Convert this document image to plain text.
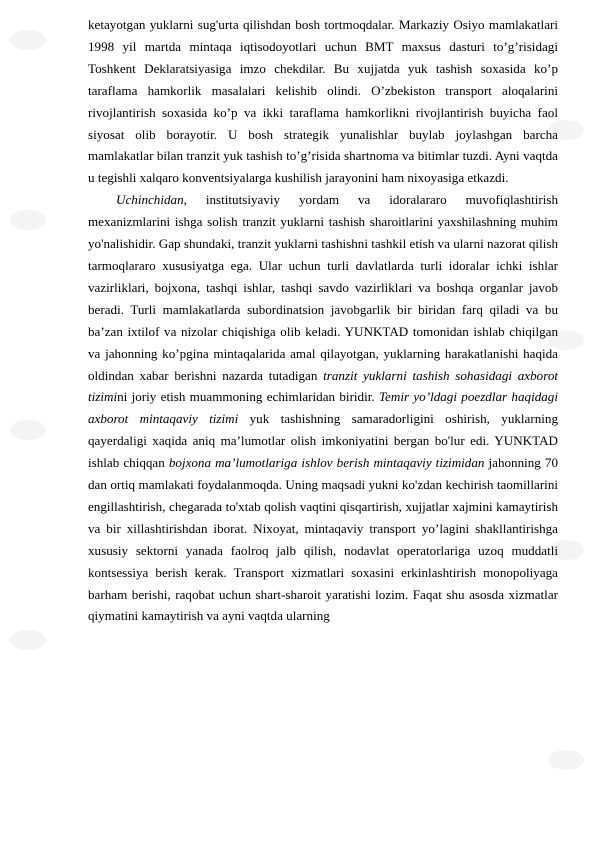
ketayotgan yuklarni sug'urta qilishdan bosh tortmoqdalar. Markaziy Osiyo mamlakatlari 1998 yil martda mintaqa iqtisodoyotlari uchun BMT maxsus dasturi to’g’risidagi Toshkent Deklaratsiyasiga imzo chekdilar. Bu xujjatda yuk tashish soxasida ko’p taraflama hamkorlik masalalari kelishib olindi. O’zbekiston transport aloqalarini rivojlantirish soxasida ko’p va ikki taraflama hamkorlikni rivojlantirish buyicha faol siyosat olib borayotir. U bosh strategik yunalishlar buylab joylashgan barcha mamlakatlar bilan tranzit yuk tashish to’g’risida shartnoma va bitimlar tuzdi. Ayni vaqtda u tegishli xalqaro konventsiyalarga kushilish jarayonini ham nixoyasiga etkazdi.

Uchinchidan, institutsiyaviy yordam va idoralararo muvofiqlashtirish mexanizmlarini ishga solish tranzit yuklarni tashish sharoitlarini yaxshilashning muhim yo'nalishidir. Gap shundaki, tranzit yuklarni tashishni tashkil etish va ularni nazorat qilish tarmoqlararo xususiyatga ega. Ular uchun turli davlatlarda turli idoralar ichki ishlar vazirliklari, bojxona, tashqi ishlar, tashqi savdo vazirliklari va boshqa organlar javob beradi. Turli mamlakatlarda subordinatsion javobgarlik bir biridan farq qiladi va bu ba’zan ixtilof va nizolar chiqishiga olib keladi. YUNKTAD tomonidan ishlab chiqilgan va jahonning ko’pgina mintaqalarida amal qilayotgan, yuklarning harakatlanishi haqida oldindan xabar berishni nazarda tutadigan tranzit yuklarni tashish sohasidagi axborot tizimini joriy etish muammoning echimlaridan biridir. Temir yo’ldagi poezdlar haqidagi axborot mintaqaviy tizimi yuk tashishning samaradorligini oshirish, yuklarning qayerdaligi xaqida aniq ma’lumotlar olish imkoniyatini bergan bo'lur edi. YUNKTAD ishlab chiqqan bojxona ma’lumotlariga ishlov berish mintaqaviy tizimidan jahonning 70 dan ortiq mamlakati foydalanmoqda. Uning maqsadi yukni ko'zdan kechirish taomillarini engillashtirish, chegarada to'xtab qolish vaqtini qisqartirish, xujjatlar xajmini kamaytirish va bir xillashtirishdan iborat. Nixoyat, mintaqaviy transport yo’lagini shakllantirishga xususiy sektorni yanada faolroq jalb qilish, nodavlat operatorlariga uzoq muddatli kontsessiya berish kerak. Transport xizmatlari soxasini erkinlashtirish monopoliyaga barham berishi, raqobat uchun shart-sharoit yaratishi lozim. Faqat shu asosda xizmatlar qiymatini kamaytirish va ayni vaqtda ularning
